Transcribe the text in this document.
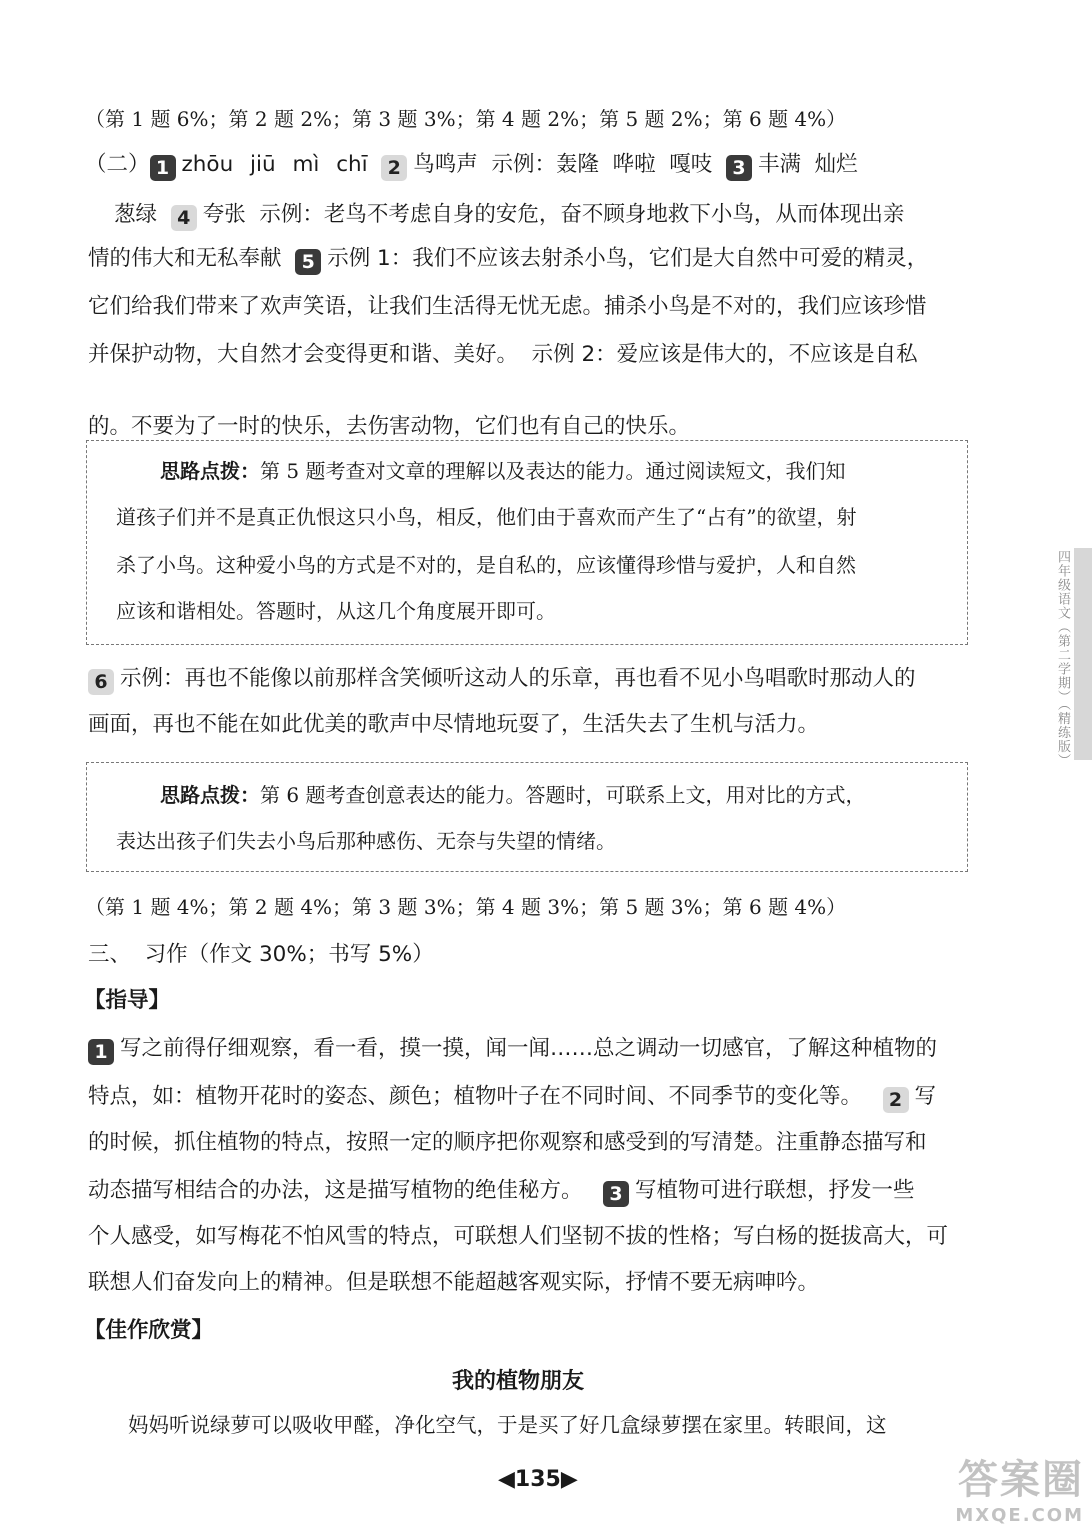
（第 1 题 6%；第 2 题 2%；第 3 题 3%；第 4 题 2%；第 5 题 2%；第 6 题 4%）
（二） 1 zhōu jiū mì chī 2 鸟鸣声  示例：轰隆  哗啦  嘎吱 3 丰满  灿烂
葱绿 4 夸张  示例：老鸟不考虑自身的安危，奋不顾身地救下小鸟，从而体现出亲
情的伟大和无私奉献 5 示例 1：我们不应该去射杀小鸟，它们是大自然中可爱的精灵，
它们给我们带来了欢声笑语，让我们生活得无忧无虑。捕杀小鸟是不对的，我们应该珍惜
并保护动物，大自然才会变得更和谐、美好。  示例 2：爱应该是伟大的，不应该是自私
的。不要为了一时的快乐，去伤害动物，它们也有自己的快乐。
思路点拨：第 5 题考查对文章的理解以及表达的能力。通过阅读短文，我们知
道孩子们并不是真正仇恨这只小鸟，相反，他们由于喜欢而产生了“占有”的欲望，射
杀了小鸟。这种爱小鸟的方式是不对的，是自私的，应该懂得珍惜与爱护，人和自然
应该和谐相处。答题时，从这几个角度展开即可。
6 示例：再也不能像以前那样含笑倾听这动人的乐章，再也看不见小鸟唱歌时那动人的
画面，再也不能在如此优美的歌声中尽情地玩耍了，生活失去了生机与活力。
思路点拨：第 6 题考查创意表达的能力。答题时，可联系上文，用对比的方式，
表达出孩子们失去小鸟后那种感伤、无奈与失望的情绪。
（第 1 题 4%；第 2 题 4%；第 3 题 3%；第 4 题 3%；第 5 题 3%；第 6 题 4%）
三、  习作（作文 30%；书写 5%）
【指导】
1 写之前得仔细观察，看一看，摸一摸，闻一闻……总之调动一切感官，了解这种植物的
特点，如：植物开花时的姿态、颜色；植物叶子在不同时间、不同季节的变化等。 2 写
的时候，抓住植物的特点，按照一定的顺序把你观察和感受到的写清楚。注重静态描写和
动态描写相结合的办法，这是描写植物的绝佳秘方。 3 写植物可进行联想，抒发一些
个人感受，如写梅花不怕风雪的特点，可联想人们坚韧不拔的性格；写白杨的挺拔高大，可
联想人们奋发向上的精神。但是联想不能超越客观实际，抒情不要无病呻吟。
【佳作欣赏】
我的植物朋友
妈妈听说绿萝可以吸收甲醛，净化空气，于是买了好几盒绿萝摆在家里。转眼间，这
四年级语文（第二学期）（精练版）
◀135▶	答案圈
MXQE.COM
